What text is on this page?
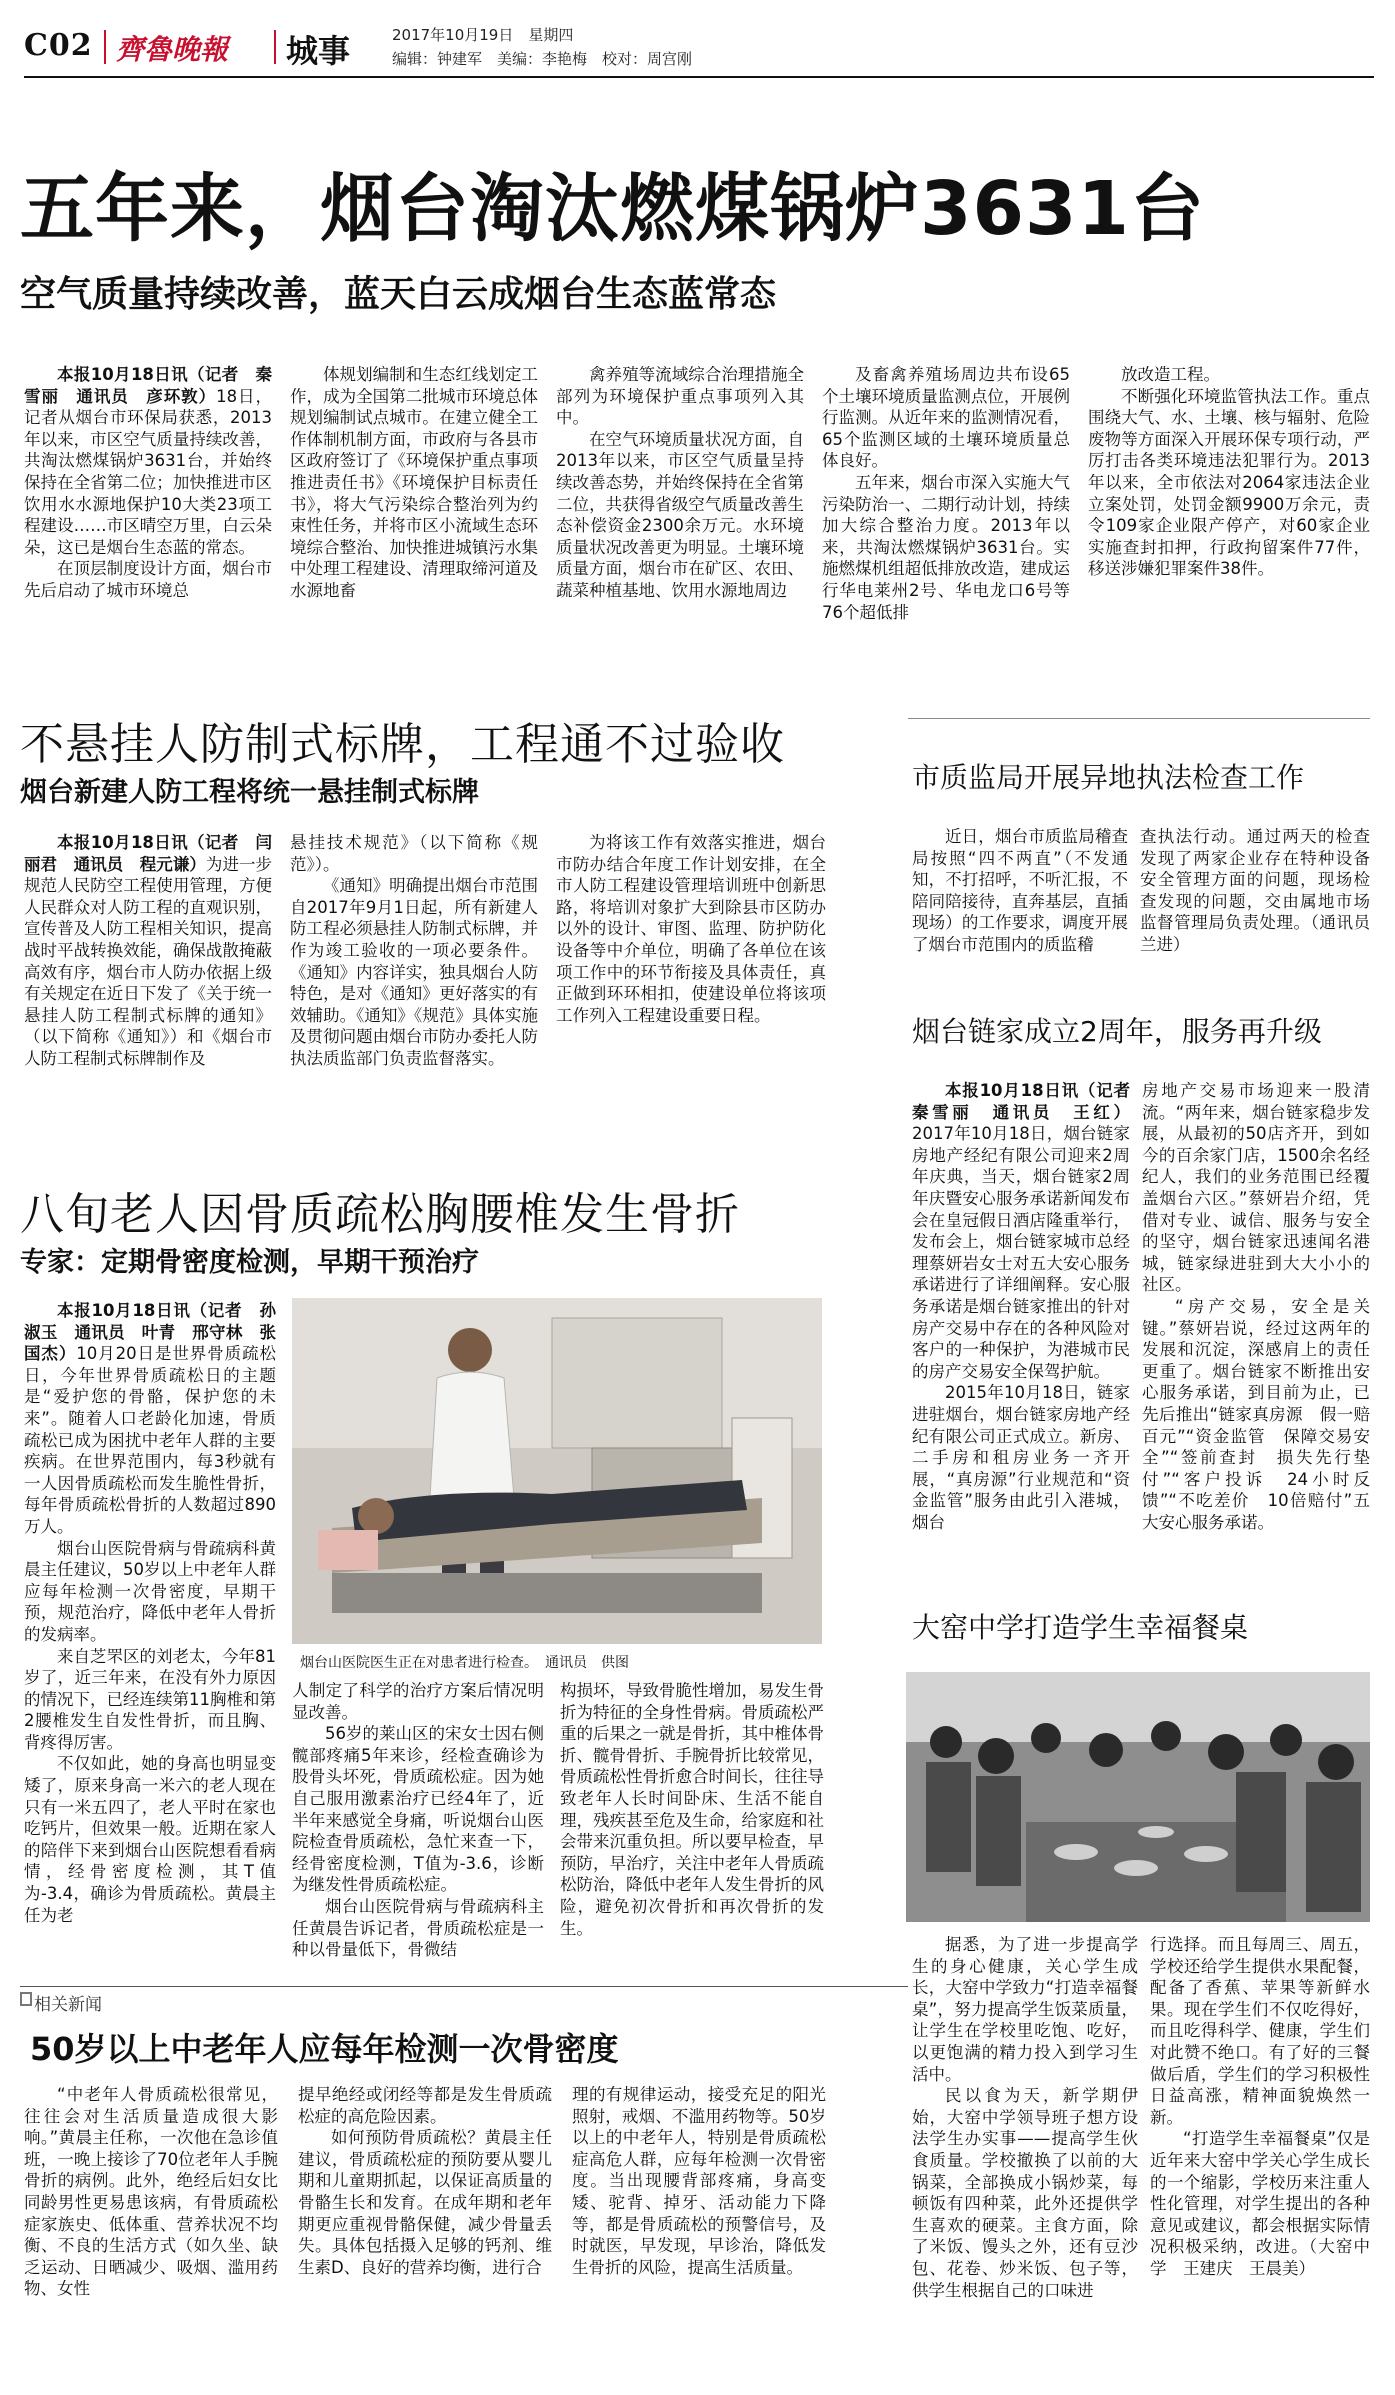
C02 齊魯晚報 城事	2017年10月19日　星期四
编辑：钟建军　美编：李艳梅　校对：周宫刚
五年来，烟台淘汰燃煤锅炉3631台
空气质量持续改善，蓝天白云成烟台生态蓝常态

本报10月18日讯（记者　秦雪丽　通讯员　彦环敦）18日，记者从烟台市环保局获悉，2013年以来，市区空气质量持续改善，共淘汰燃煤锅炉3631台，并始终保持在全省第二位；加快推进市区饮用水水源地保护10大类23项工程建设……市区晴空万里，白云朵朵，这已是烟台生态蓝的常态。

在顶层制度设计方面，烟台市先后启动了城市环境总

体规划编制和生态红线划定工作，成为全国第二批城市环境总体规划编制试点城市。在建立健全工作体制机制方面，市政府与各县市区政府签订了《环境保护重点事项推进责任书》《环境保护目标责任书》，将大气污染综合整治列为约束性任务，并将市区小流域生态环境综合整治、加快推进城镇污水集中处理工程建设、清理取缔河道及水源地畜

禽养殖等流域综合治理措施全部列为环境保护重点事项列入其中。

在空气环境质量状况方面，自2013年以来，市区空气质量呈持续改善态势，并始终保持在全省第二位，共获得省级空气质量改善生态补偿资金2300余万元。水环境质量状况改善更为明显。土壤环境质量方面，烟台市在矿区、农田、蔬菜种植基地、饮用水源地周边

及畜禽养殖场周边共布设65个土壤环境质量监测点位，开展例行监测。从近年来的监测情况看，65个监测区域的土壤环境质量总体良好。

五年来，烟台市深入实施大气污染防治一、二期行动计划，持续加大综合整治力度。2013年以来，共淘汰燃煤锅炉3631台。实施燃煤机组超低排放改造，建成运行华电莱州2号、华电龙口6号等76个超低排

放改造工程。

不断强化环境监管执法工作。重点围绕大气、水、土壤、核与辐射、危险废物等方面深入开展环保专项行动，严厉打击各类环境违法犯罪行为。2013年以来，全市依法对2064家违法企业立案处罚，处罚金额9900万余元，责令109家企业限产停产，对60家企业实施查封扣押，行政拘留案件77件，移送涉嫌犯罪案件38件。

不悬挂人防制式标牌，工程通不过验收
烟台新建人防工程将统一悬挂制式标牌

本报10月18日讯（记者　闫丽君　通讯员　程元谦）为进一步规范人民防空工程使用管理，方便人民群众对人防工程的直观识别，宣传普及人防工程相关知识，提高战时平战转换效能，确保战散掩蔽高效有序，烟台市人防办依据上级有关规定在近日下发了《关于统一悬挂人防工程制式标牌的通知》（以下简称《通知》）和《烟台市人防工程制式标牌制作及

悬挂技术规范》（以下简称《规范》）。

《通知》明确提出烟台市范围自2017年9月1日起，所有新建人防工程必须悬挂人防制式标牌，并作为竣工验收的一项必要条件。《通知》内容详实，独具烟台人防特色，是对《通知》更好落实的有效辅助。《通知》《规范》具体实施及贯彻问题由烟台市防办委托人防执法质监部门负责监督落实。

为将该工作有效落实推进，烟台市防办结合年度工作计划安排，在全市人防工程建设管理培训班中创新思路，将培训对象扩大到除县市区防办以外的设计、审图、监理、防护防化设备等中介单位，明确了各单位在该项工作中的环节衔接及具体责任，真正做到环环相扣，使建设单位将该项工作列入工程建设重要日程。

八旬老人因骨质疏松胸腰椎发生骨折
专家：定期骨密度检测，早期干预治疗

本报10月18日讯（记者　孙淑玉　通讯员　叶青　邢守林　张国杰）10月20日是世界骨质疏松日，今年世界骨质疏松日的主题是“爱护您的骨骼，保护您的未来”。随着人口老龄化加速，骨质疏松已成为困扰中老年人群的主要疾病。在世界范围内，每3秒就有一人因骨质疏松而发生脆性骨折，每年骨质疏松骨折的人数超过890万人。

烟台山医院骨病与骨疏病科黄晨主任建议，50岁以上中老年人群应每年检测一次骨密度，早期干预，规范治疗，降低中老年人骨折的发病率。

来自芝罘区的刘老太，今年81岁了，近三年来，在没有外力原因的情况下，已经连续第11胸椎和第2腰椎发生自发性骨折，而且胸、背疼得厉害。

不仅如此，她的身高也明显变矮了，原来身高一米六的老人现在只有一米五四了，老人平时在家也吃钙片，但效果一般。近期在家人的陪伴下来到烟台山医院想看看病情，经骨密度检测，其T值为-3.4，确诊为骨质疏松。黄晨主任为老

烟台山医院医生正在对患者进行检查。　通讯员　供图

人制定了科学的治疗方案后情况明显改善。

56岁的莱山区的宋女士因右侧髋部疼痛5年来诊，经检查确诊为股骨头坏死，骨质疏松症。因为她自己服用激素治疗已经4年了，近半年来感觉全身痛，听说烟台山医院检查骨质疏松，急忙来查一下，经骨密度检测，T值为-3.6，诊断为继发性骨质疏松症。

烟台山医院骨病与骨疏病科主任黄晨告诉记者，骨质疏松症是一种以骨量低下，骨微结

构损坏，导致骨脆性增加，易发生骨折为特征的全身性骨病。骨质疏松严重的后果之一就是骨折，其中椎体骨折、髋骨骨折、手腕骨折比较常见，骨质疏松性骨折愈合时间长，往往导致老年人长时间卧床、生活不能自理，残疾甚至危及生命，给家庭和社会带来沉重负担。所以要早检查，早预防，早治疗，关注中老年人骨质疏松防治，降低中老年人发生骨折的风险，避免初次骨折和再次骨折的发生。

相关新闻
50岁以上中老年人应每年检测一次骨密度

“中老年人骨质疏松很常见，往往会对生活质量造成很大影响。”黄晨主任称，一次他在急诊值班，一晚上接诊了70位老年人手腕骨折的病例。此外，绝经后妇女比同龄男性更易患该病，有骨质疏松症家族史、低体重、营养状况不均衡、不良的生活方式（如久坐、缺乏运动、日晒减少、吸烟、滥用药物、女性

提早绝经或闭经等都是发生骨质疏松症的高危险因素。

如何预防骨质疏松？黄晨主任建议，骨质疏松症的预防要从婴儿期和儿童期抓起，以保证高质量的骨骼生长和发育。在成年期和老年期更应重视骨骼保健，减少骨量丢失。具体包括摄入足够的钙剂、维生素D、良好的营养均衡，进行合

理的有规律运动，接受充足的阳光照射，戒烟、不滥用药物等。50岁以上的中老年人，特别是骨质疏松症高危人群，应每年检测一次骨密度。当出现腰背部疼痛，身高变矮、驼背、掉牙、活动能力下降等，都是骨质疏松的预警信号，及时就医，早发现，早诊治，降低发生骨折的风险，提高生活质量。

市质监局开展异地执法检查工作

近日，烟台市质监局稽查局按照“四不两直”（不发通知，不打招呼，不听汇报，不陪同陪接待，直奔基层，直插现场）的工作要求，调度开展了烟台市范围内的质监稽

查执法行动。通过两天的检查发现了两家企业存在特种设备安全管理方面的问题，现场检查发现的问题，交由属地市场监督管理局负责处理。（通讯员　兰进）

烟台链家成立2周年，服务再升级

本报10月18日讯（记者　秦雪丽　通讯员　王红）2017年10月18日，烟台链家房地产经纪有限公司迎来2周年庆典，当天，烟台链家2周年庆暨安心服务承诺新闻发布会在皇冠假日酒店隆重举行，发布会上，烟台链家城市总经理蔡妍岩女士对五大安心服务承诺进行了详细阐释。安心服务承诺是烟台链家推出的针对房产交易中存在的各种风险对客户的一种保护，为港城市民的房产交易安全保驾护航。

2015年10月18日，链家进驻烟台，烟台链家房地产经纪有限公司正式成立。新房、二手房和租房业务一齐开展，“真房源”行业规范和“资金监管”服务由此引入港城，烟台

房地产交易市场迎来一股清流。“两年来，烟台链家稳步发展，从最初的50店齐开，到如今的百余家门店，1500余名经纪人，我们的业务范围已经覆盖烟台六区。”蔡妍岩介绍，凭借对专业、诚信、服务与安全的坚守，烟台链家迅速闻名港城，链家绿进驻到大大小小的社区。

“房产交易，安全是关键。”蔡妍岩说，经过这两年的发展和沉淀，深感肩上的责任更重了。烟台链家不断推出安心服务承诺，到目前为止，已先后推出“链家真房源　假一赔百元”“资金监管　保障交易安全”“签前查封　损失先行垫付”“客户投诉　24小时反馈”“不吃差价　10倍赔付”五大安心服务承诺。

大窑中学打造学生幸福餐桌

据悉，为了进一步提高学生的身心健康，关心学生成长，大窑中学致力“打造幸福餐桌”，努力提高学生饭菜质量，让学生在学校里吃饱、吃好，以更饱满的精力投入到学习生活中。

民以食为天，新学期伊始，大窑中学领导班子想方设法学生办实事——提高学生伙食质量。学校撤换了以前的大锅菜，全部换成小锅炒菜，每顿饭有四种菜，此外还提供学生喜欢的硬菜。主食方面，除了米饭、馒头之外，还有豆沙包、花卷、炒米饭、包子等，供学生根据自己的口味进

行选择。而且每周三、周五，学校还给学生提供水果配餐，配备了香蕉、苹果等新鲜水果。现在学生们不仅吃得好，而且吃得科学、健康，学生们对此赞不绝口。有了好的三餐做后盾，学生们的学习积极性日益高涨，精神面貌焕然一新。

“打造学生幸福餐桌”仅是近年来大窑中学关心学生成长的一个缩影，学校历来注重人性化管理，对学生提出的各种意见或建议，都会根据实际情况积极采纳，改进。（大窑中学　王建庆　王晨美）
